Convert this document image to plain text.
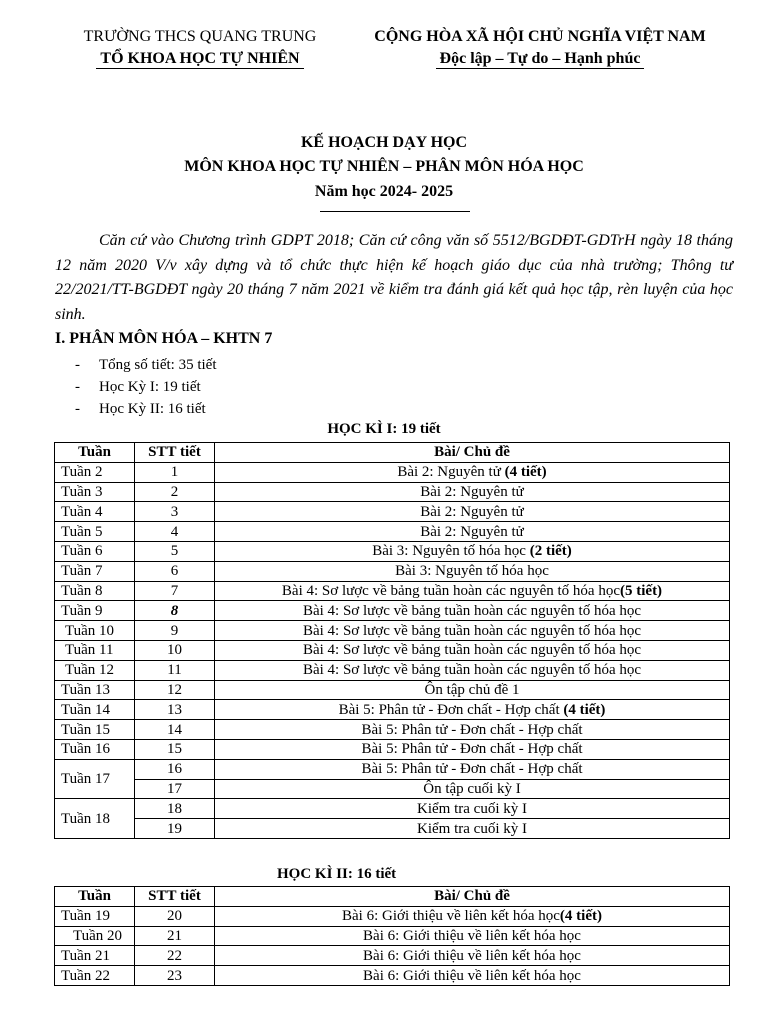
TRƯỜNG THCS QUANG TRUNG
TỔ KHOA HỌC TỰ NHIÊN
CỘNG HÒA XÃ HỘI CHỦ NGHĨA VIỆT NAM
Độc lập – Tự do – Hạnh phúc
KẾ HOẠCH DẠY HỌC
MÔN KHOA HỌC TỰ NHIÊN – PHÂN MÔN HÓA HỌC
Năm học 2024- 2025

Căn cứ vào Chương trình GDPT 2018; Căn cứ công văn số 5512/BGDĐT-GDTrH ngày 18 tháng 12 năm 2020 V/v xây dựng và tổ chức thực hiện kế hoạch giáo dục của nhà trường; Thông tư 22/2021/TT-BGDĐT ngày 20 tháng 7 năm 2021 về kiểm tra đánh giá kết quả học tập, rèn luyện của học sinh.

I. PHÂN MÔN HÓA – KHTN 7
- Tổng số tiết: 35 tiết
- Học Kỳ I: 19 tiết
- Học Kỳ II: 16 tiết
HỌC KÌ I: 19 tiết
Tuần	STT tiết	Bài/ Chủ đề
Tuần 2	1	Bài 2: Nguyên tử (4 tiết)
Tuần 3	2	Bài 2: Nguyên tử
Tuần 4	3	Bài 2: Nguyên tử
Tuần 5	4	Bài 2: Nguyên tử
Tuần 6	5	Bài 3: Nguyên tố hóa học (2 tiết)
Tuần 7	6	Bài 3: Nguyên tố hóa học
Tuần 8	7	Bài 4: Sơ lược về bảng tuần hoàn các nguyên tố hóa học(5 tiết)
Tuần 9	8	Bài 4: Sơ lược về bảng tuần hoàn các nguyên tố hóa học
Tuần 10	9	Bài 4: Sơ lược về bảng tuần hoàn các nguyên tố hóa học
Tuần 11	10	Bài 4: Sơ lược về bảng tuần hoàn các nguyên tố hóa học
Tuần 12	11	Bài 4: Sơ lược về bảng tuần hoàn các nguyên tố hóa học
Tuần 13	12	Ôn tập chủ đề 1
Tuần 14	13	Bài 5: Phân tử - Đơn chất - Hợp chất (4 tiết)
Tuần 15	14	Bài 5: Phân tử - Đơn chất - Hợp chất
Tuần 16	15	Bài 5: Phân tử - Đơn chất - Hợp chất
Tuần 17	16	Bài 5: Phân tử - Đơn chất - Hợp chất
	17	Ôn tập cuối kỳ I
Tuần 18	18	Kiểm tra cuối kỳ I
	19	Kiểm tra cuối kỳ I
HỌC KÌ II: 16 tiết
Tuần	STT tiết	Bài/ Chủ đề
Tuần 19	20	Bài 6: Giới thiệu về liên kết hóa học(4 tiết)
Tuần 20	21	Bài 6: Giới thiệu về liên kết hóa học
Tuần 21	22	Bài 6: Giới thiệu về liên kết hóa học
Tuần 22	23	Bài 6: Giới thiệu về liên kết hóa học
